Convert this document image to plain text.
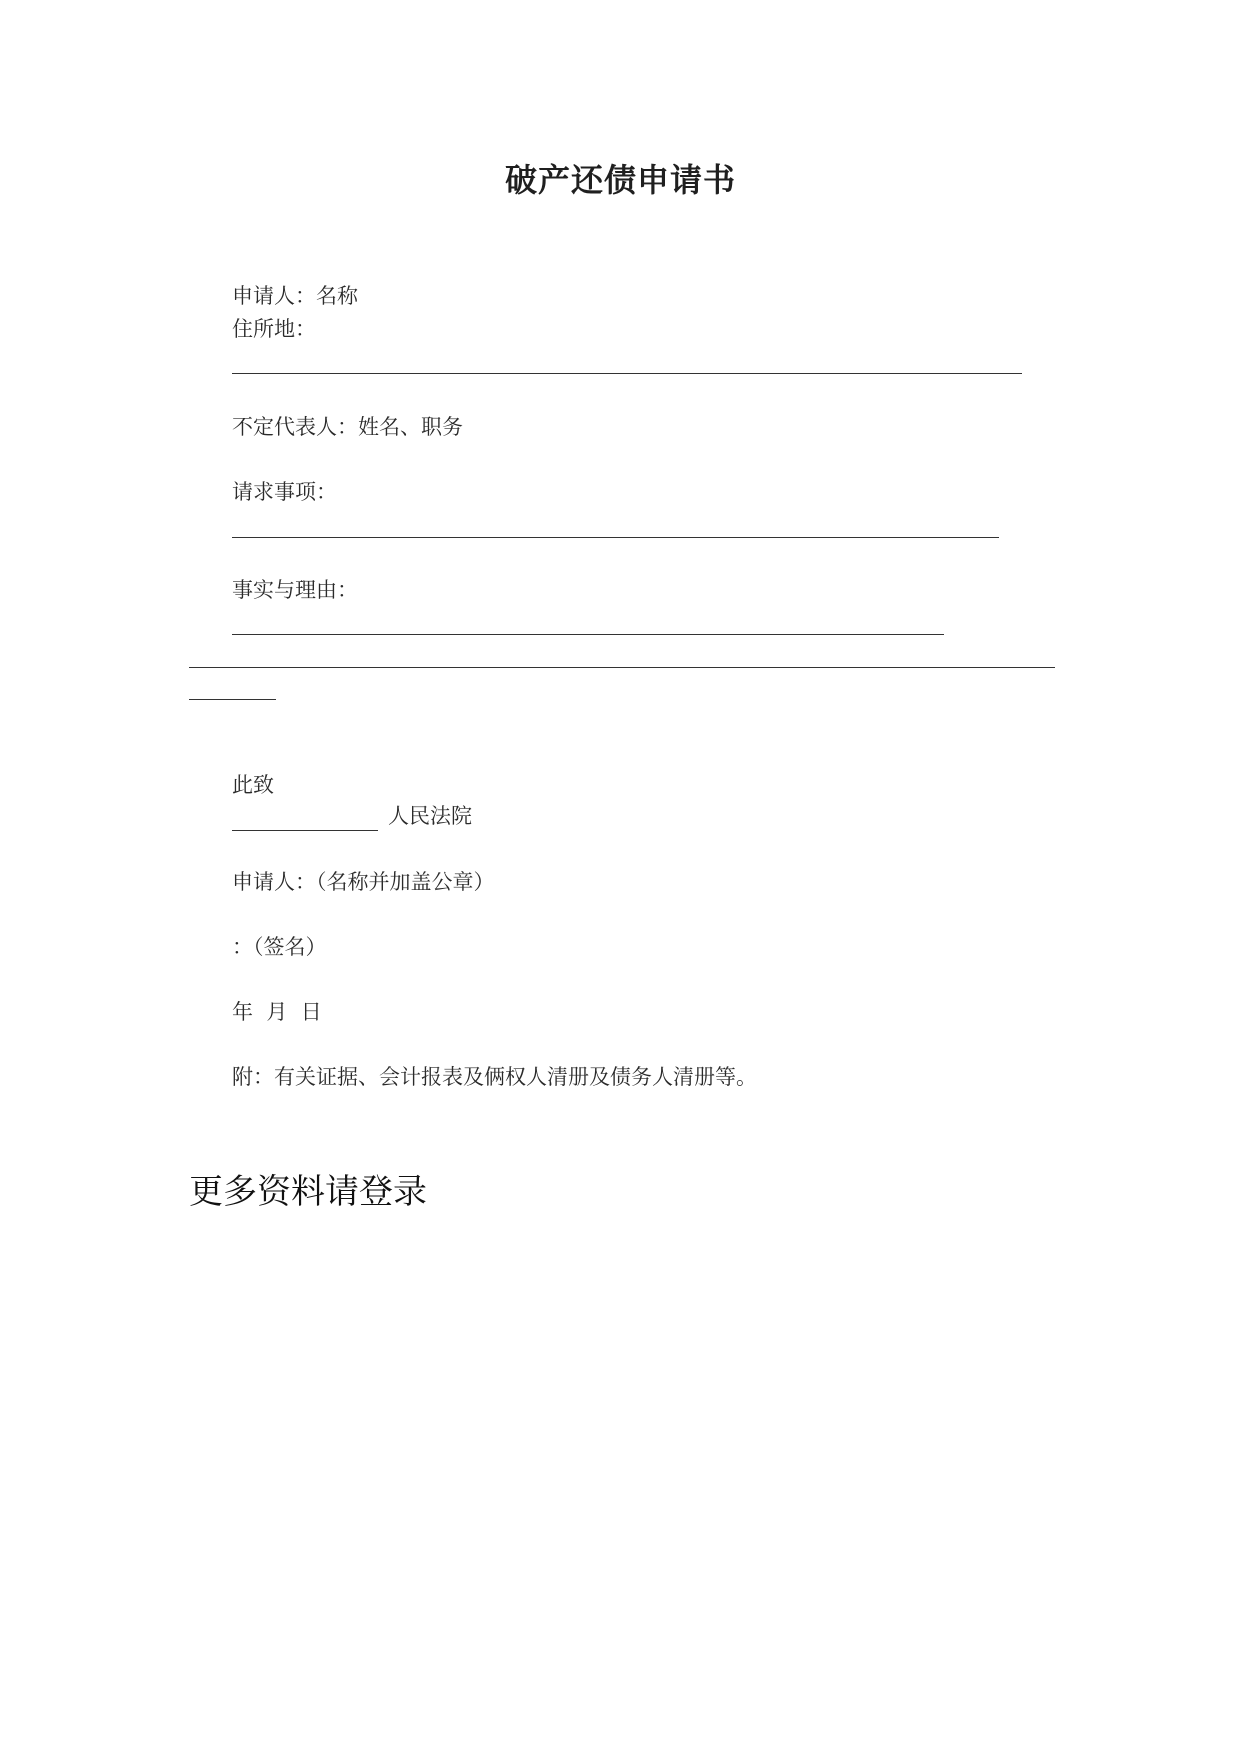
破产还债申请书
申请人：名称
住所地：
不定代表人：姓名、职务
请求事项：
事实与理由：
此致
人民法院
申请人：（名称并加盖公章）
：（签名）
年  月  日
附：有关证据、会计报表及俩权人清册及债务人清册等。
更多资料请登录
